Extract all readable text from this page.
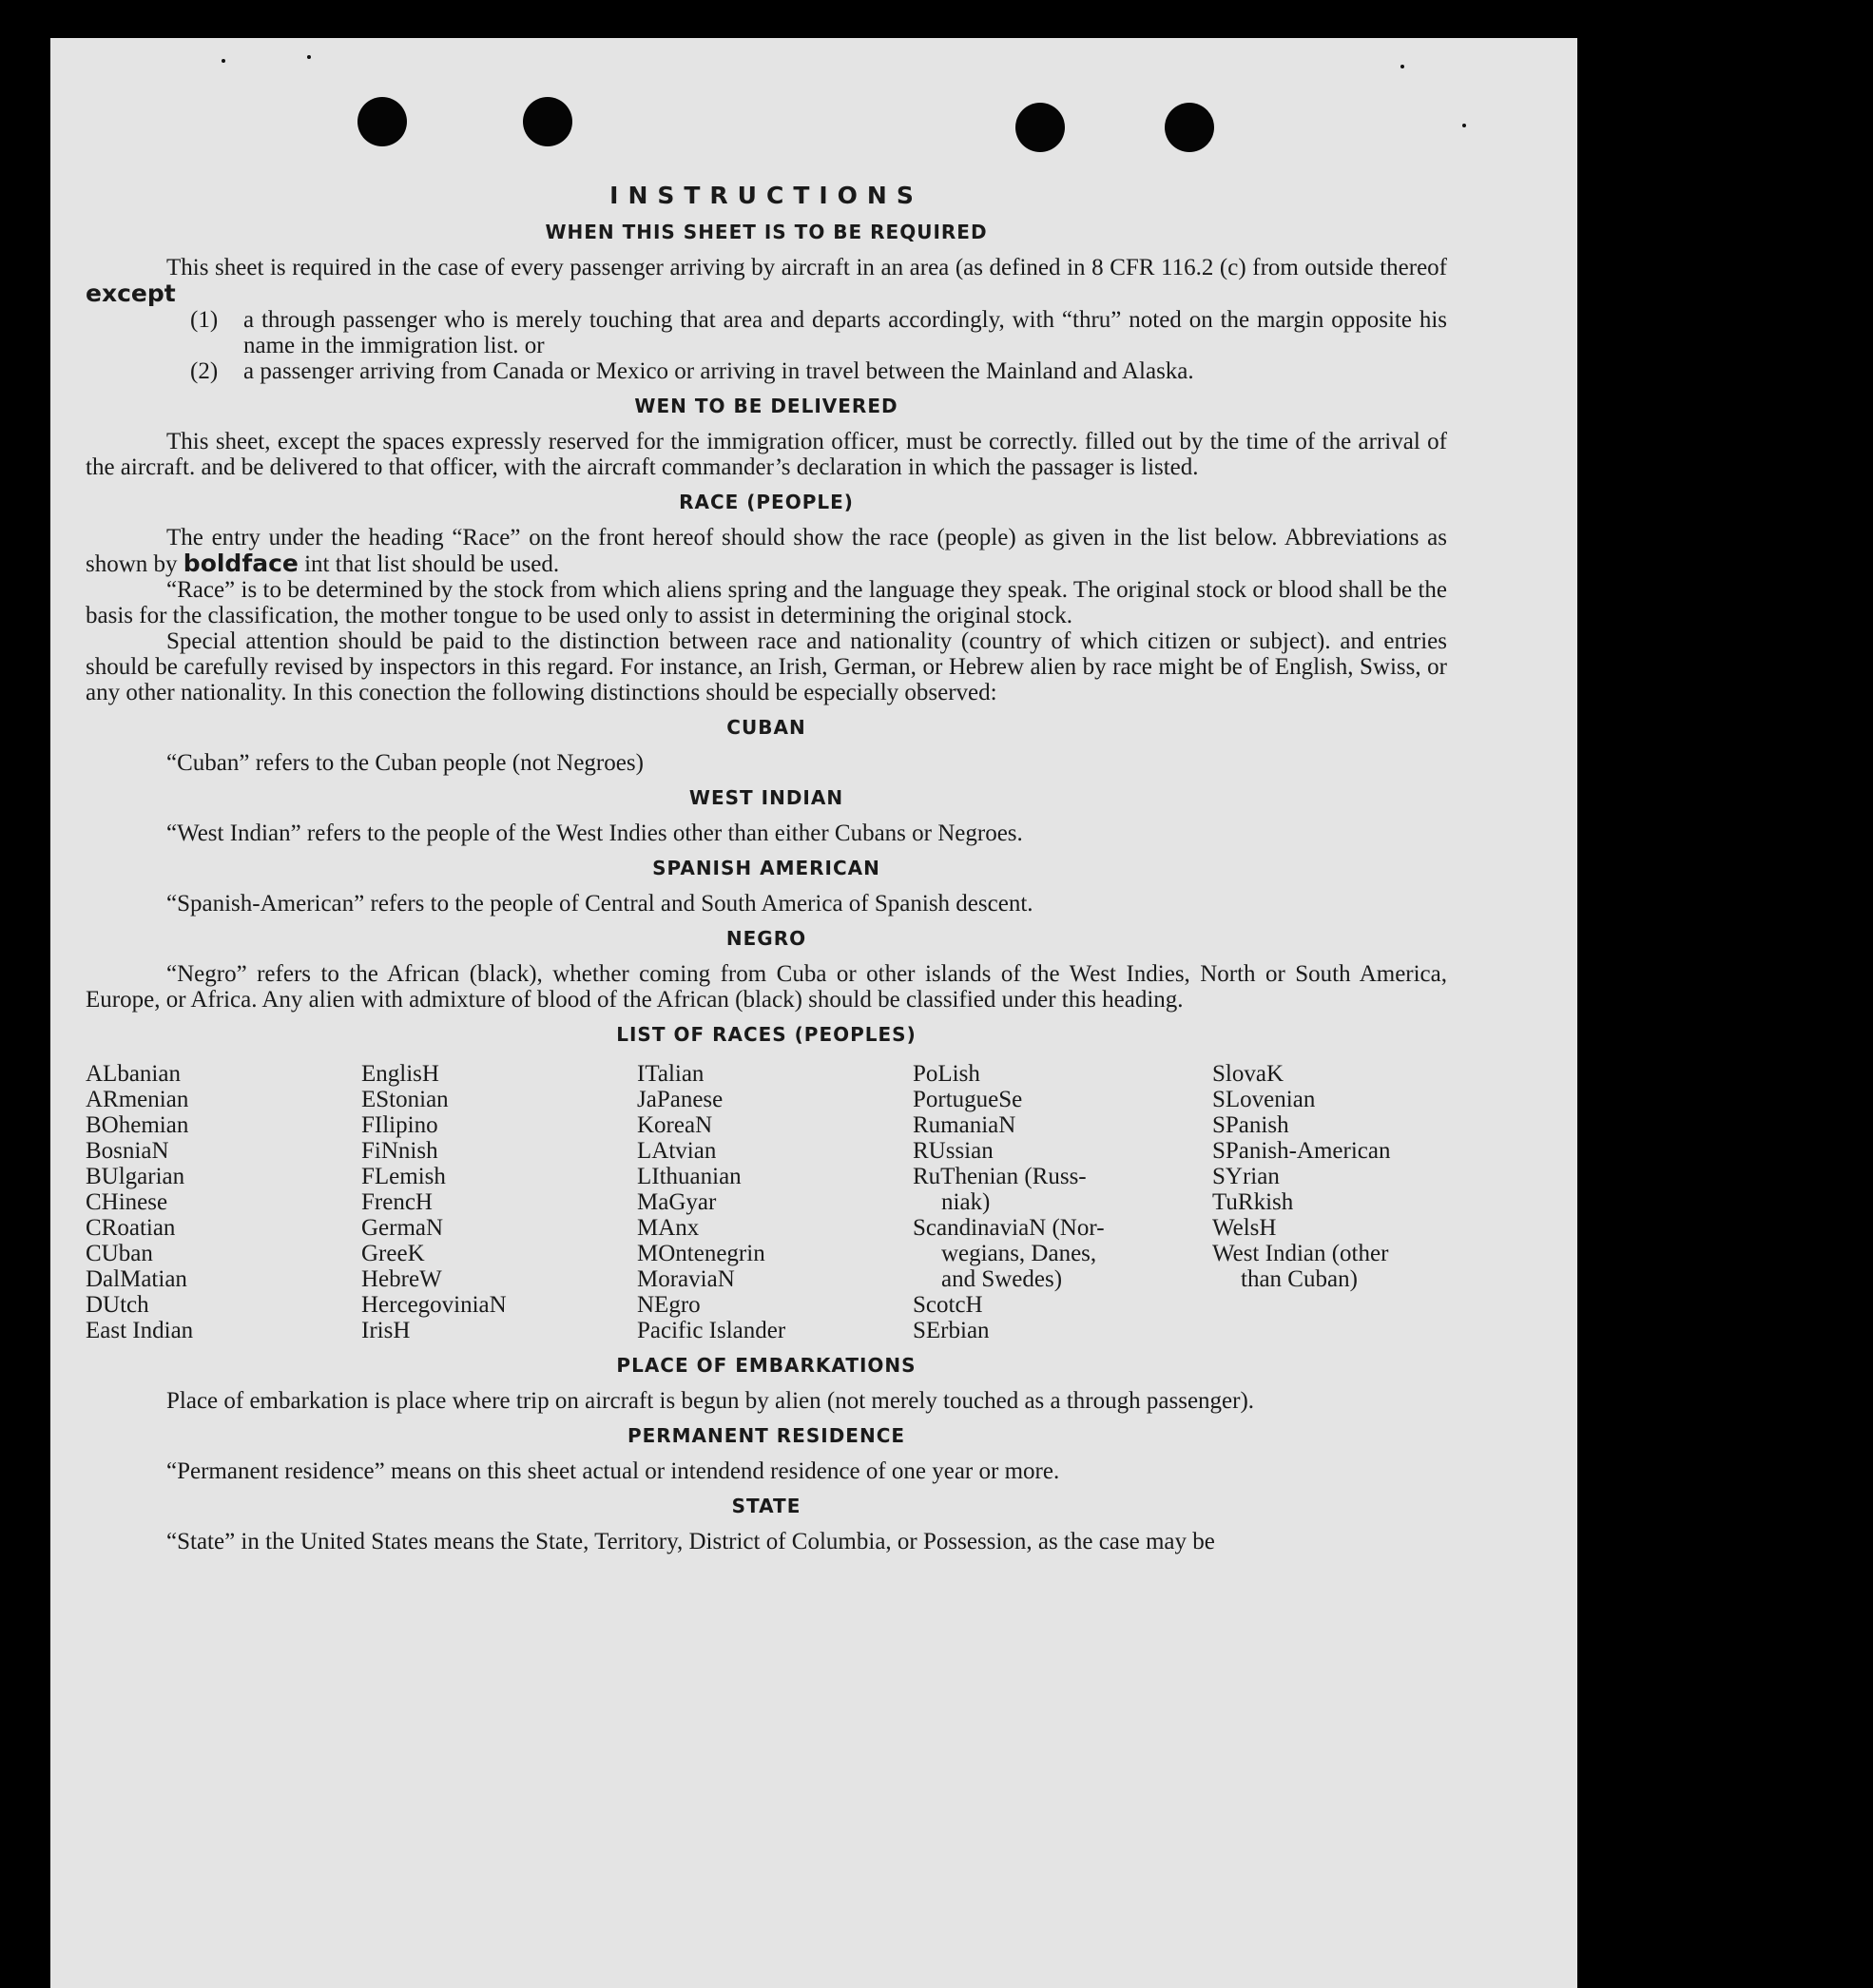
INSTRUCTIONS
WHEN THIS SHEET IS TO BE REQUIRED

This sheet is required in the case of every passenger arriving by aircraft in an area (as defined in 8 CFR 116.2 (c) from outside thereof except

(1)	a through passenger who is merely touching that area and departs accordingly, with “thru” noted on the margin opposite his name in the immigration list. or
(2)	a passenger arriving from Canada or Mexico or arriving in travel between the Mainland and Alaska.
WEN TO BE DELIVERED

This sheet, except the spaces expressly reserved for the immigration officer, must be correctly. filled out by the time of the arrival of the aircraft. and be delivered to that officer, with the aircraft commander’s declaration in which the passager is listed.

RACE (PEOPLE)

The entry under the heading “Race” on the front hereof should show the race (people) as given in the list below. Abbreviations as shown by boldface int that list should be used.

“Race” is to be determined by the stock from which aliens spring and the language they speak. The original stock or blood shall be the basis for the classification, the mother tongue to be used only to assist in determining the original stock.

Special attention should be paid to the distinction between race and nationality (country of which citizen or subject). and entries should be carefully revised by inspectors in this regard. For instance, an Irish, German, or Hebrew alien by race might be of English, Swiss, or any other nationality. In this conection the following distinctions should be especially observed:

CUBAN

“Cuban” refers to the Cuban people (not Negroes)

WEST INDIAN

“West Indian” refers to the people of the West Indies other than either Cubans or Negroes.

SPANISH AMERICAN

“Spanish-American” refers to the people of Central and South America of Spanish descent.

NEGRO

“Negro” refers to the African (black), whether coming from Cuba or other islands of the West Indies, North or South America, Europe, or Africa. Any alien with admixture of blood of the African (black) should be classified under this heading.

LIST OF RACES (PEOPLES)
ALbanian
ARmenian
BOhemian
BosniaN
BUlgarian
CHinese
CRoatian
CUban
DalMatian
DUtch
East Indian
EnglisH
EStonian
FIlipino
FiNnish
FLemish
FrencH
GermaN
GreeK
HebreW
HercegoviniaN
IrisH
ITalian
JaPanese
KoreaN
LAtvian
LIthuanian
MaGyar
MAnx
MOntenegrin
MoraviaN
NEgro
Pacific Islander
PoLish
PortugueSe
RumaniaN
RUssian
RuThenian (Russ-
niak)
ScandinaviaN (Nor-
wegians, Danes,
and Swedes)
ScotcH
SErbian
SlovaK
SLovenian
SPanish
SPanish-American
SYrian
TuRkish
WelsH
West Indian (other
than Cuban)
PLACE OF EMBARKATIONS

Place of embarkation is place where trip on aircraft is begun by alien (not merely touched as a through passenger).

PERMANENT RESIDENCE

“Permanent residence” means on this sheet actual or intendend residence of one year or more.

STATE

“State” in the United States means the State, Territory, District of Columbia, or Possession, as the case may be
